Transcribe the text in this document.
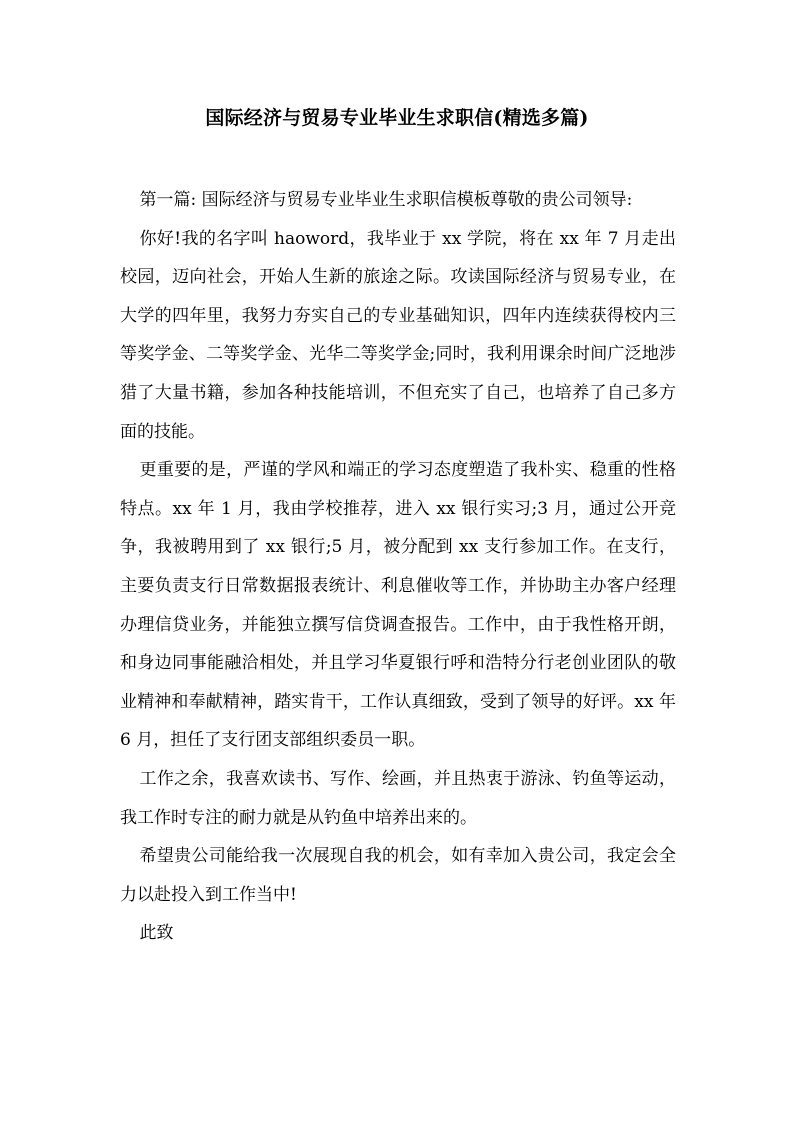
国际经济与贸易专业毕业生求职信(精选多篇)

第一篇: 国际经济与贸易专业毕业生求职信模板尊敬的贵公司领导:

你好!我的名字叫 haoword，我毕业于 xx 学院，将在 xx 年 7 月走出校园，迈向社会，开始人生新的旅途之际。攻读国际经济与贸易专业，在大学的四年里，我努力夯实自己的专业基础知识，四年内连续获得校内三等奖学金、二等奖学金、光华二等奖学金;同时，我利用课余时间广泛地涉猎了大量书籍，参加各种技能培训，不但充实了自己，也培养了自己多方面的技能。

更重要的是，严谨的学风和端正的学习态度塑造了我朴实、稳重的性格特点。xx 年 1 月，我由学校推荐，进入 xx 银行实习;3 月，通过公开竞争，我被聘用到了 xx 银行;5 月，被分配到 xx 支行参加工作。在支行，主要负责支行日常数据报表统计、利息催收等工作，并协助主办客户经理办理信贷业务，并能独立撰写信贷调查报告。工作中，由于我性格开朗，和身边同事能融洽相处，并且学习华夏银行呼和浩特分行老创业团队的敬业精神和奉献精神，踏实肯干，工作认真细致，受到了领导的好评。xx 年 6 月，担任了支行团支部组织委员一职。

工作之余，我喜欢读书、写作、绘画，并且热衷于游泳、钓鱼等运动，我工作时专注的耐力就是从钓鱼中培养出来的。

希望贵公司能给我一次展现自我的机会，如有幸加入贵公司，我定会全力以赴投入到工作当中!

此致
